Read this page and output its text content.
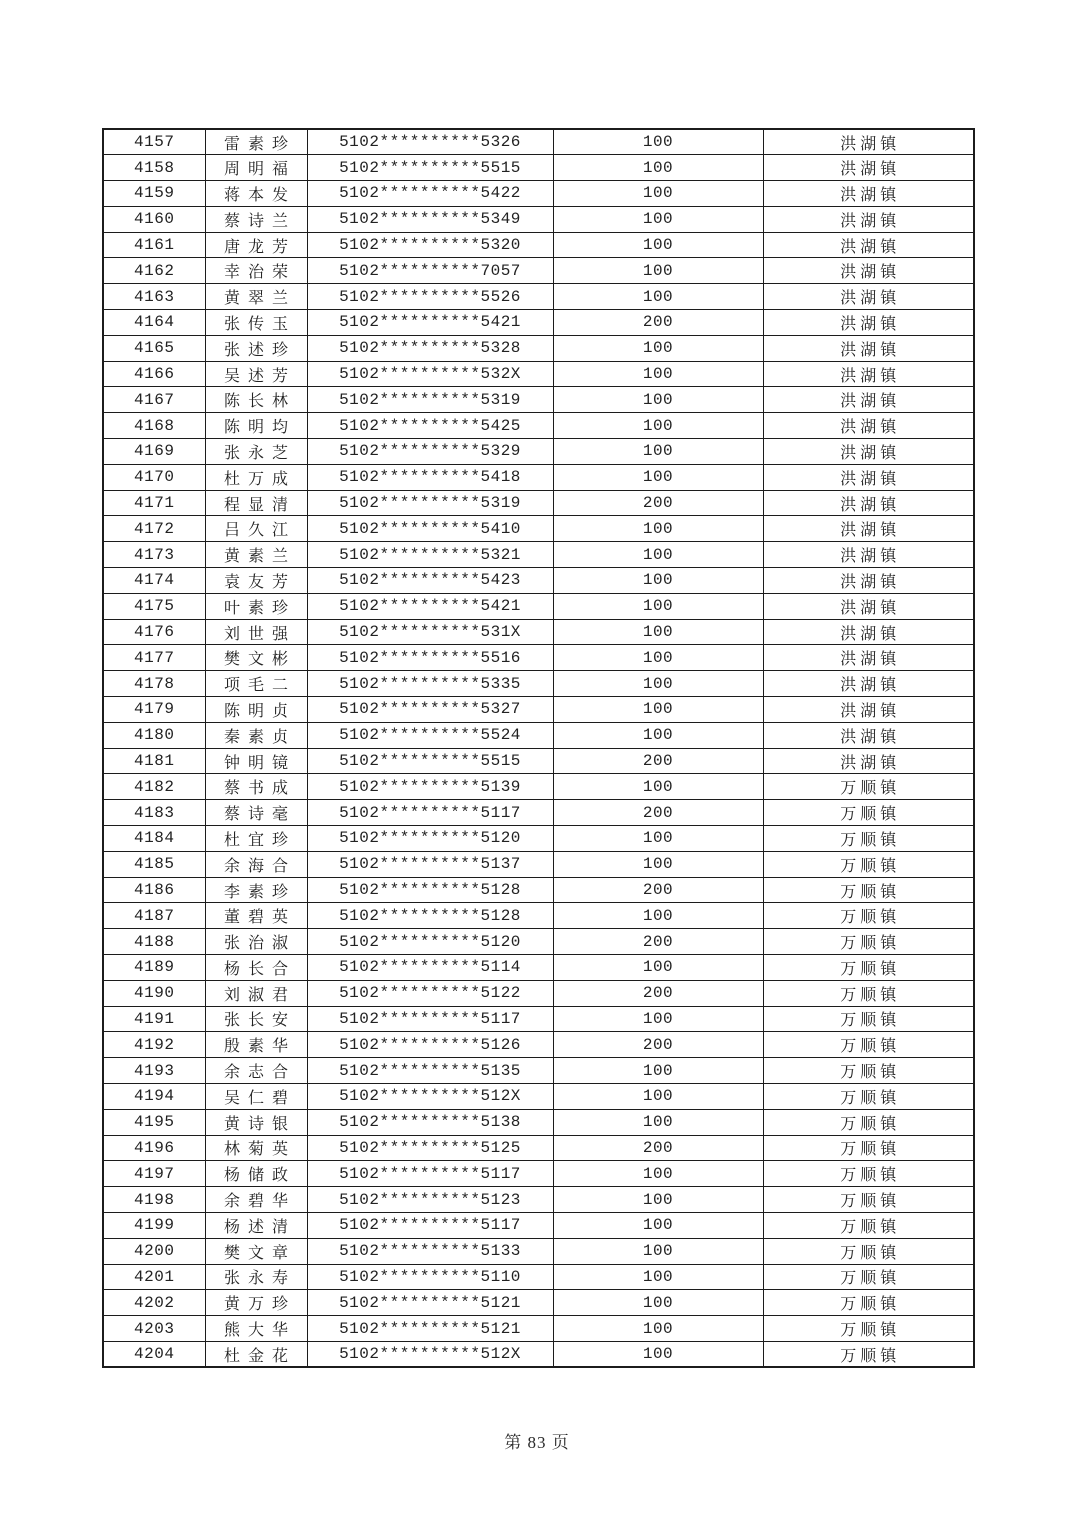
4157	雷素珍	5102**********5326	100	洪湖镇
4158	周明福	5102**********5515	100	洪湖镇
4159	蒋本发	5102**********5422	100	洪湖镇
4160	蔡诗兰	5102**********5349	100	洪湖镇
4161	唐龙芳	5102**********5320	100	洪湖镇
4162	幸治荣	5102**********7057	100	洪湖镇
4163	黄翠兰	5102**********5526	100	洪湖镇
4164	张传玉	5102**********5421	200	洪湖镇
4165	张述珍	5102**********5328	100	洪湖镇
4166	吴述芳	5102**********532X	100	洪湖镇
4167	陈长林	5102**********5319	100	洪湖镇
4168	陈明均	5102**********5425	100	洪湖镇
4169	张永芝	5102**********5329	100	洪湖镇
4170	杜万成	5102**********5418	100	洪湖镇
4171	程显清	5102**********5319	200	洪湖镇
4172	吕久江	5102**********5410	100	洪湖镇
4173	黄素兰	5102**********5321	100	洪湖镇
4174	袁友芳	5102**********5423	100	洪湖镇
4175	叶素珍	5102**********5421	100	洪湖镇
4176	刘世强	5102**********531X	100	洪湖镇
4177	樊文彬	5102**********5516	100	洪湖镇
4178	项毛二	5102**********5335	100	洪湖镇
4179	陈明贞	5102**********5327	100	洪湖镇
4180	秦素贞	5102**********5524	100	洪湖镇
4181	钟明镜	5102**********5515	200	洪湖镇
4182	蔡书成	5102**********5139	100	万顺镇
4183	蔡诗毫	5102**********5117	200	万顺镇
4184	杜宜珍	5102**********5120	100	万顺镇
4185	余海合	5102**********5137	100	万顺镇
4186	李素珍	5102**********5128	200	万顺镇
4187	董碧英	5102**********5128	100	万顺镇
4188	张治淑	5102**********5120	200	万顺镇
4189	杨长合	5102**********5114	100	万顺镇
4190	刘淑君	5102**********5122	200	万顺镇
4191	张长安	5102**********5117	100	万顺镇
4192	殷素华	5102**********5126	200	万顺镇
4193	余志合	5102**********5135	100	万顺镇
4194	吴仁碧	5102**********512X	100	万顺镇
4195	黄诗银	5102**********5138	100	万顺镇
4196	林菊英	5102**********5125	200	万顺镇
4197	杨储政	5102**********5117	100	万顺镇
4198	余碧华	5102**********5123	100	万顺镇
4199	杨述清	5102**********5117	100	万顺镇
4200	樊文章	5102**********5133	100	万顺镇
4201	张永寿	5102**********5110	100	万顺镇
4202	黄万珍	5102**********5121	100	万顺镇
4203	熊大华	5102**********5121	100	万顺镇
4204	杜金花	5102**********512X	100	万顺镇
第 83 页
